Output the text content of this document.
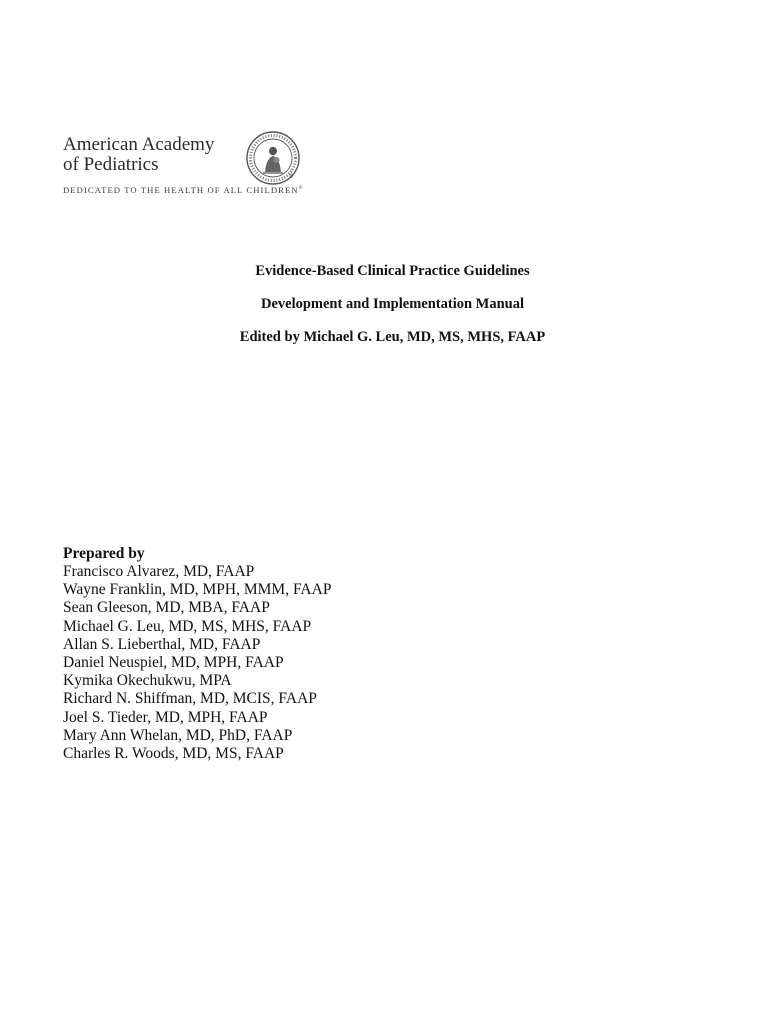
American Academy
of Pediatrics
DEDICATED TO THE HEALTH OF ALL CHILDREN®
®
Evidence-Based Clinical Practice Guidelines
Development and Implementation Manual
Edited by Michael G. Leu, MD, MS, MHS, FAAP

Prepared by

Francisco Alvarez, MD, FAAP
Wayne Franklin, MD, MPH, MMM, FAAP
Sean Gleeson, MD, MBA, FAAP
Michael G. Leu, MD, MS, MHS, FAAP
Allan S. Lieberthal, MD, FAAP
Daniel Neuspiel, MD, MPH, FAAP
Kymika Okechukwu, MPA
Richard N. Shiffman, MD, MCIS, FAAP
Joel S. Tieder, MD, MPH, FAAP
Mary Ann Whelan, MD, PhD, FAAP
Charles R. Woods, MD, MS, FAAP
